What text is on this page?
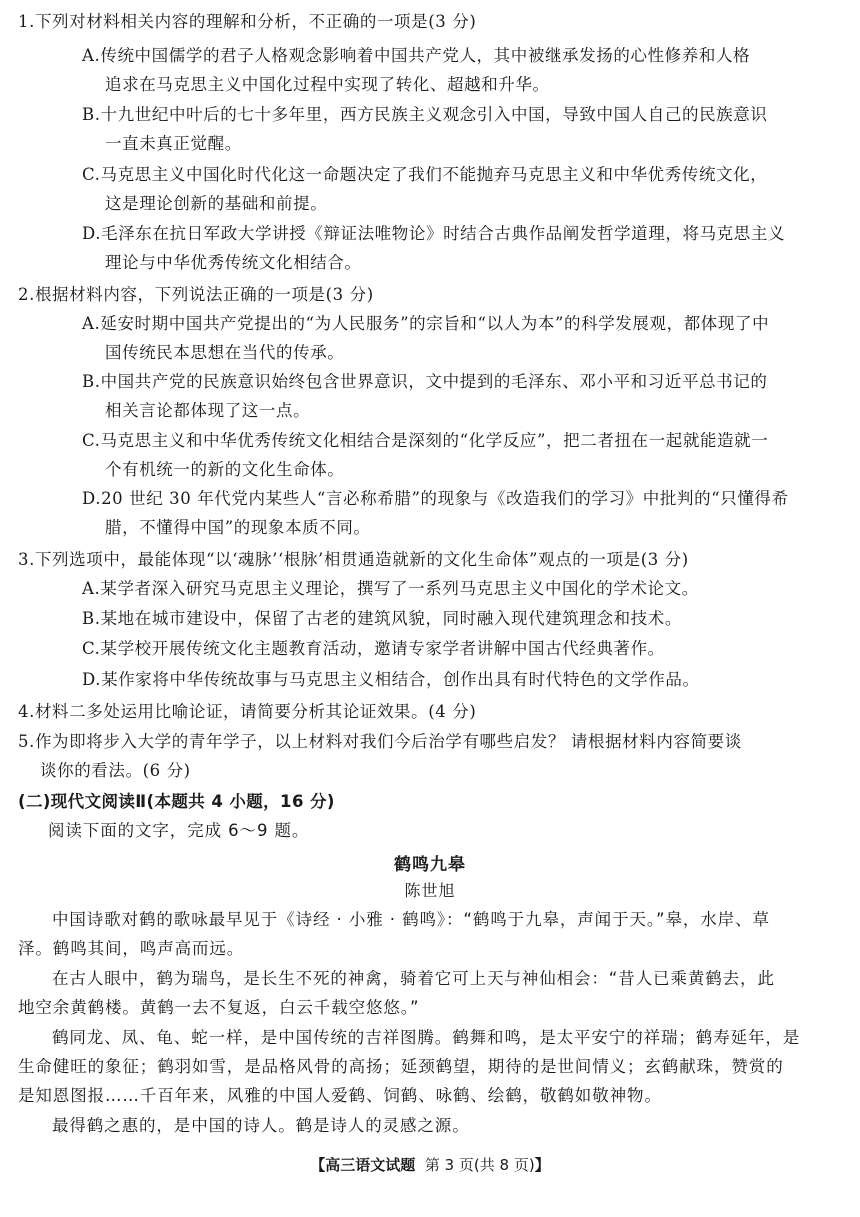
1.下列对材料相关内容的理解和分析，不正确的一项是(3 分)
A.传统中国儒学的君子人格观念影响着中国共产党人，其中被继承发扬的心性修养和人格
追求在马克思主义中国化过程中实现了转化、超越和升华。
B.十九世纪中叶后的七十多年里，西方民族主义观念引入中国，导致中国人自己的民族意识
一直未真正觉醒。
C.马克思主义中国化时代化这一命题决定了我们不能抛弃马克思主义和中华优秀传统文化，
这是理论创新的基础和前提。
D.毛泽东在抗日军政大学讲授《辩证法唯物论》时结合古典作品阐发哲学道理，将马克思主义
理论与中华优秀传统文化相结合。
2.根据材料内容，下列说法正确的一项是(3 分)
A.延安时期中国共产党提出的“为人民服务”的宗旨和“以人为本”的科学发展观，都体现了中
国传统民本思想在当代的传承。
B.中国共产党的民族意识始终包含世界意识，文中提到的毛泽东、邓小平和习近平总书记的
相关言论都体现了这一点。
C.马克思主义和中华优秀传统文化相结合是深刻的“化学反应”，把二者扭在一起就能造就一
个有机统一的新的文化生命体。
D.20 世纪 30 年代党内某些人“言必称希腊”的现象与《改造我们的学习》中批判的“只懂得希
腊，不懂得中国”的现象本质不同。
3.下列选项中，最能体现“以‘魂脉’‘根脉’相贯通造就新的文化生命体”观点的一项是(3 分)
A.某学者深入研究马克思主义理论，撰写了一系列马克思主义中国化的学术论文。
B.某地在城市建设中，保留了古老的建筑风貌，同时融入现代建筑理念和技术。
C.某学校开展传统文化主题教育活动，邀请专家学者讲解中国古代经典著作。
D.某作家将中华传统故事与马克思主义相结合，创作出具有时代特色的文学作品。
4.材料二多处运用比喻论证，请简要分析其论证效果。(4 分)
5.作为即将步入大学的青年学子，以上材料对我们今后治学有哪些启发？ 请根据材料内容简要谈
谈你的看法。(6 分)
(二)现代文阅读Ⅱ(本题共 4 小题，16 分)
阅读下面的文字，完成 6～9 题。
鹤鸣九皋
陈世旭
中国诗歌对鹤的歌咏最早见于《诗经 · 小雅 · 鹤鸣》：“鹤鸣于九皋，声闻于天。”皋，水岸、草
泽。鹤鸣其间，鸣声高而远。
在古人眼中，鹤为瑞鸟，是长生不死的神禽，骑着它可上天与神仙相会：“昔人已乘黄鹤去，此
地空余黄鹤楼。黄鹤一去不复返，白云千载空悠悠。”
鹤同龙、凤、龟、蛇一样，是中国传统的吉祥图腾。鹤舞和鸣，是太平安宁的祥瑞；鹤寿延年，是
生命健旺的象征；鹤羽如雪，是品格风骨的高扬；延颈鹤望，期待的是世间情义；玄鹤献珠，赞赏的
是知恩图报……千百年来，风雅的中国人爱鹤、饲鹤、咏鹤、绘鹤，敬鹤如敬神物。
最得鹤之惠的，是中国的诗人。鹤是诗人的灵感之源。
【高三语文试题 第 3 页(共 8 页)】
